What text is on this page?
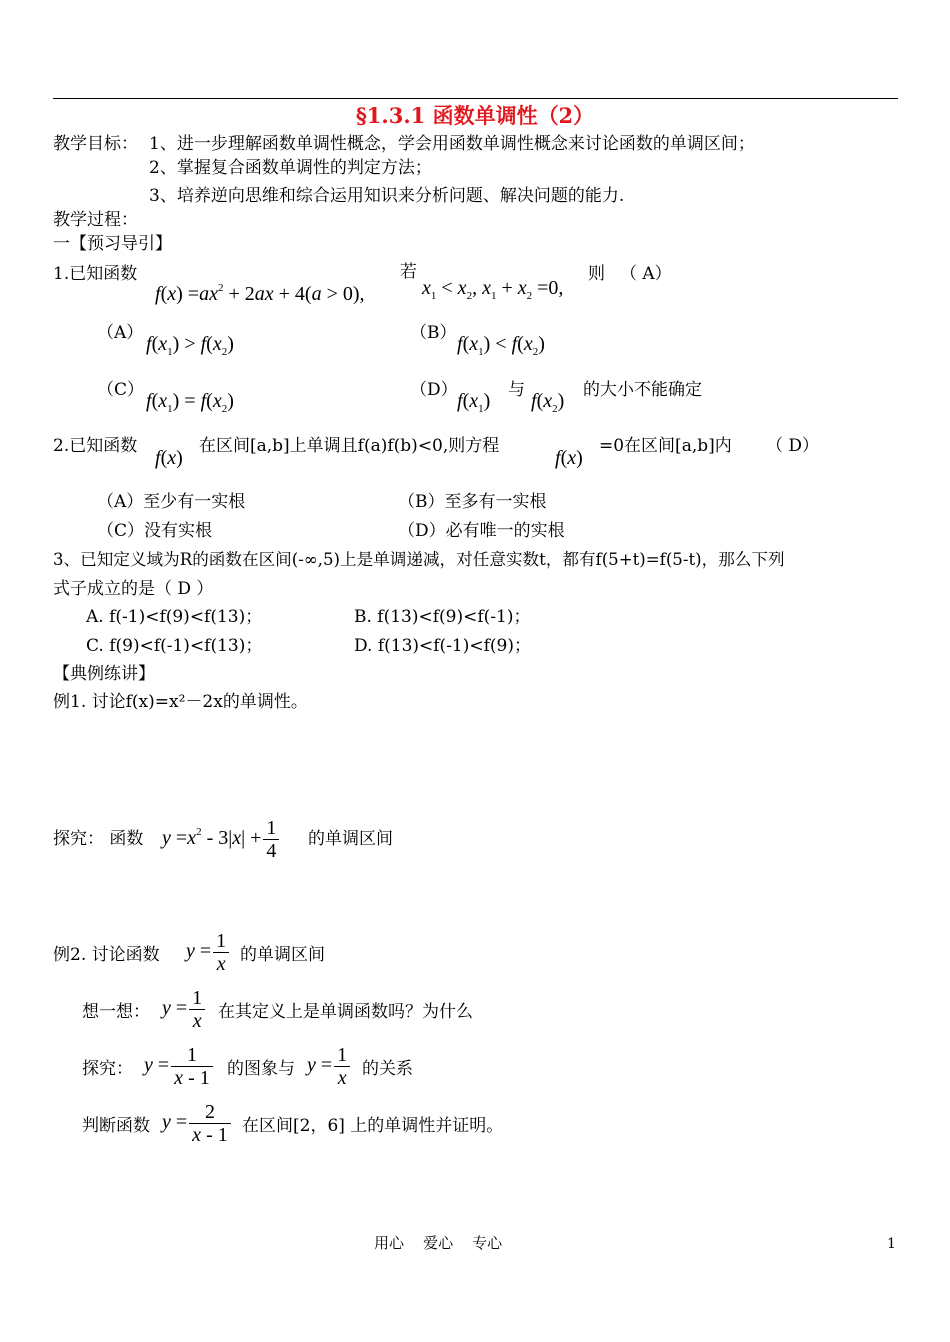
§1.3.1 函数单调性（2）
教学目标： 1、进一步理解函数单调性概念，学会用函数单调性概念来讨论函数的单调区间；
2、掌握复合函数单调性的判定方法；
3、培养逆向思维和综合运用知识来分析问题、解决问题的能力.
教学过程：
一【预习导引】
1.已知函数
$f(x) =ax^2 + 2ax + 4(a > 0)$,
若
$x_1 < x_2$, $x_1 + x_2 =0$,
则 （ A）
（A） $f(x_1) > f(x_2)$	（B） $f(x_1) < f(x_2)$
（C） $f(x_1) = f(x_2)$	（D） $f(x_1)$ 与 $f(x_2)$ 的大小不能确定
2.已知函数
f(x)
在区间[a,b]上单调且f(a)f(b)<0,则方程
f(x)
=0在区间[a,b]内 （ D）
（A）至少有一实根	（B）至多有一实根
（C）没有实根	（D）必有唯一的实根
3、已知定义域为R的函数在区间(-∞,5)上是单调递减，对任意实数t，都有f(5+t)=f(5-t)，那么下列
式子成立的是（ D ）
A. f(-1)<f(9)<f(13)；	B. f(13)<f(9)<f(-1)；
C. f(9)<f(-1)<f(13)；	D. f(13)<f(-1)<f(9)；
【典例练讲】
例1. 讨论f(x)=x²－2x的单调性。
探究： 函数 $y =x^2 - 3|x| + \frac{1}{4}$ 的单调区间
例2. 讨论函数 $y = \frac{1}{x}$ 的单调区间
想一想： $y = \frac{1}{x}$ 在其定义上是单调函数吗？为什么
探究： $y = \frac{1}{x - 1}$ 的图象与 $y = \frac{1}{x}$ 的关系
判断函数 $y = \frac{2}{x - 1}$ 在区间[2，6] 上的单调性并证明。
用心    爱心    专心	1
